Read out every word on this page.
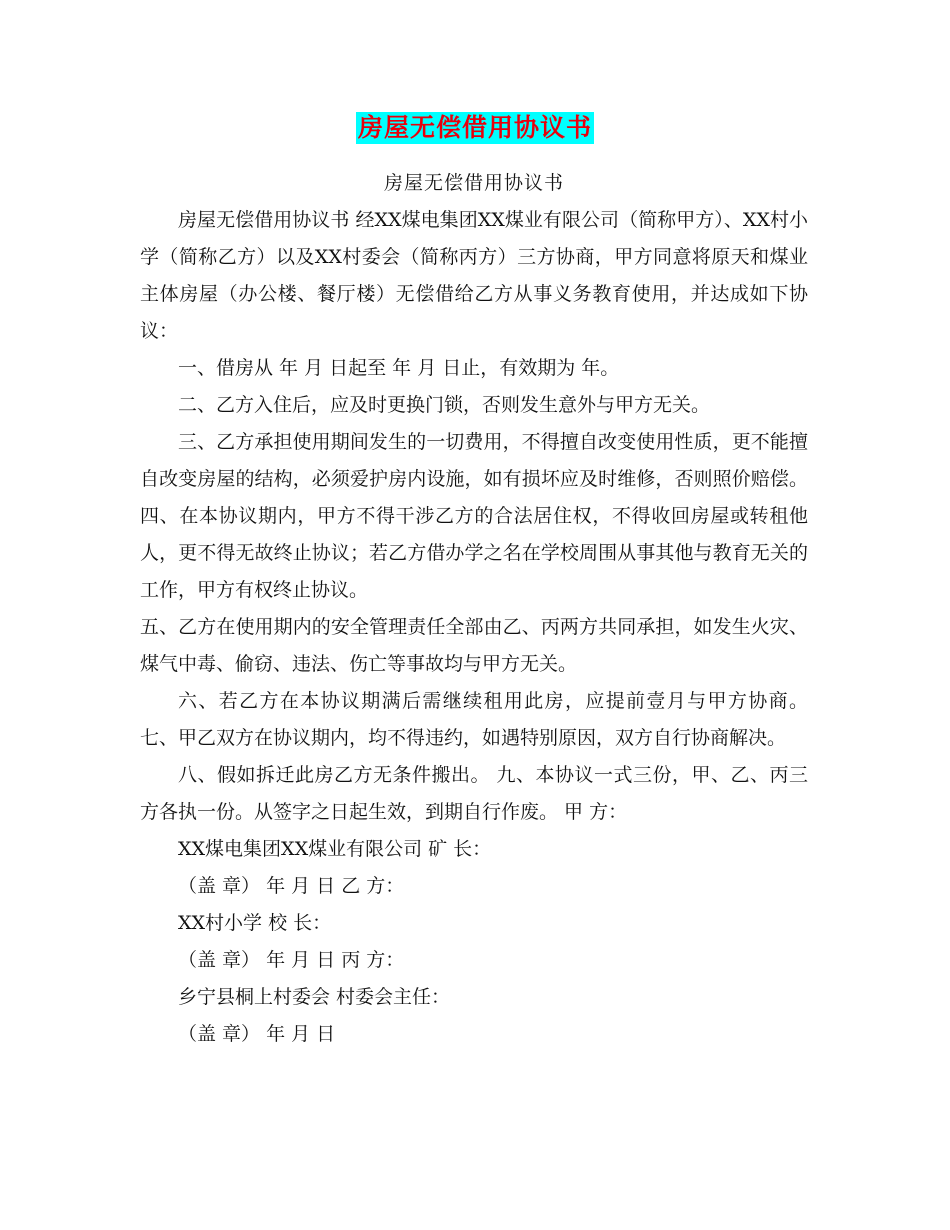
房屋无偿借用协议书

房屋无偿借用协议书

房屋无偿借用协议书 经XX煤电集团XX煤业有限公司（简称甲方）、XX村小学（简称乙方）以及XX村委会（简称丙方）三方协商，甲方同意将原天和煤业主体房屋（办公楼、餐厅楼）无偿借给乙方从事义务教育使用，并达成如下协议：

一、借房从 年 月 日起至 年 月 日止，有效期为 年。

二、乙方入住后，应及时更换门锁，否则发生意外与甲方无关。

三、乙方承担使用期间发生的一切费用，不得擅自改变使用性质，更不能擅自改变房屋的结构，必须爱护房内设施，如有损坏应及时维修，否则照价赔偿。 四、在本协议期内，甲方不得干涉乙方的合法居住权，不得收回房屋或转租他人，更不得无故终止协议；若乙方借办学之名在学校周围从事其他与教育无关的工作，甲方有权终止协议。

五、乙方在使用期内的安全管理责任全部由乙、丙两方共同承担，如发生火灾、煤气中毒、偷窃、违法、伤亡等事故均与甲方无关。

六、若乙方在本协议期满后需继续租用此房，应提前壹月与甲方协商。 七、甲乙双方在协议期内，均不得违约，如遇特别原因，双方自行协商解决。

八、假如拆迁此房乙方无条件搬出。 九、本协议一式三份，甲、乙、丙三方各执一份。从签字之日起生效，到期自行作废。 甲 方：

XX煤电集团XX煤业有限公司 矿 长：

（盖 章） 年 月 日 乙 方：

XX村小学 校 长：

（盖 章） 年 月 日 丙 方：

乡宁县桐上村委会 村委会主任：

（盖 章） 年 月 日
